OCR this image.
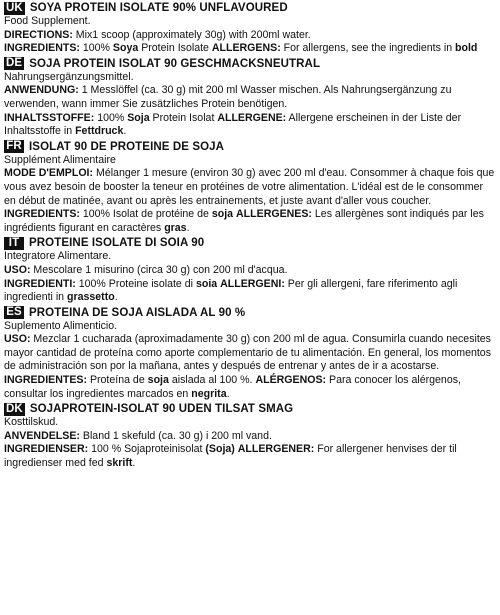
UK SOYA PROTEIN ISOLATE 90% UNFLAVOURED
Food Supplement.
DIRECTIONS: Mix1 scoop (approximately 30g) with 200ml water.
INGREDIENTS: 100% Soya Protein Isolate ALLERGENS: For allergens, see the ingredients in bold
DE SOJA PROTEIN ISOLAT 90 GESCHMACKSNEUTRAL
Nahrungsergänzungsmittel.
ANWENDUNG: 1 Messlöffel (ca. 30 g) mit 200 ml Wasser mischen. Als Nahrungsergänzung zu verwenden, wann immer Sie zusätzliches Protein benötigen.
INHALTSSTOFFE: 100% Soja Protein Isolat ALLERGENE: Allergene erscheinen in der Liste der Inhaltsstoffe in Fettdruck.
FR ISOLAT 90 DE PROTEINE DE SOJA
Supplément Alimentaire
MODE D'EMPLOI: Mélanger 1 mesure (environ 30 g) avec 200 ml d'eau. Consommer à chaque fois que vous avez besoin de booster la teneur en protéines de votre alimentation. L'idéal est de le consommer en début de matinée, avant ou après les entrainements, et juste avant d'aller vous coucher.
INGREDIENTS: 100% Isolat de protéine de soja ALLERGENES: Les allergènes sont indiqués par les ingrédients figurant en caractères gras.
IT PROTEINE ISOLATE DI SOIA 90
Integratore Alimentare.
USO: Mescolare 1 misurino (circa 30 g) con 200 ml d'acqua.
INGREDIENTI: 100% Proteine isolate di soia ALLERGENI: Per gli allergeni, fare riferimento agli ingredienti in grassetto.
ES PROTEINA DE SOJA AISLADA AL 90 %
Suplemento Alimenticio.
USO: Mezclar 1 cucharada (aproximadamente 30 g) con 200 ml de agua. Consumirla cuando necesites mayor cantidad de proteína como aporte complementario de tu alimentación. En general, los momentos de administración son por la mañana, antes y después de entrenar y antes de ir a acostarse.
INGREDIENTES: Proteína de soja aislada al 100 %. ALÉRGENOS: Para conocer los alérgenos, consultar los ingredientes marcados en negrita.
DK SOJAPROTEIN-ISOLAT 90 UDEN TILSAT SMAG
Kosttilskud.
ANVENDELSE: Bland 1 skefuld (ca. 30 g) i 200 ml vand.
INGREDIENSER: 100 % Sojaproteinisolat (Soja) ALLERGENER: For allergener henvises der til ingredienser med fed skrift.
